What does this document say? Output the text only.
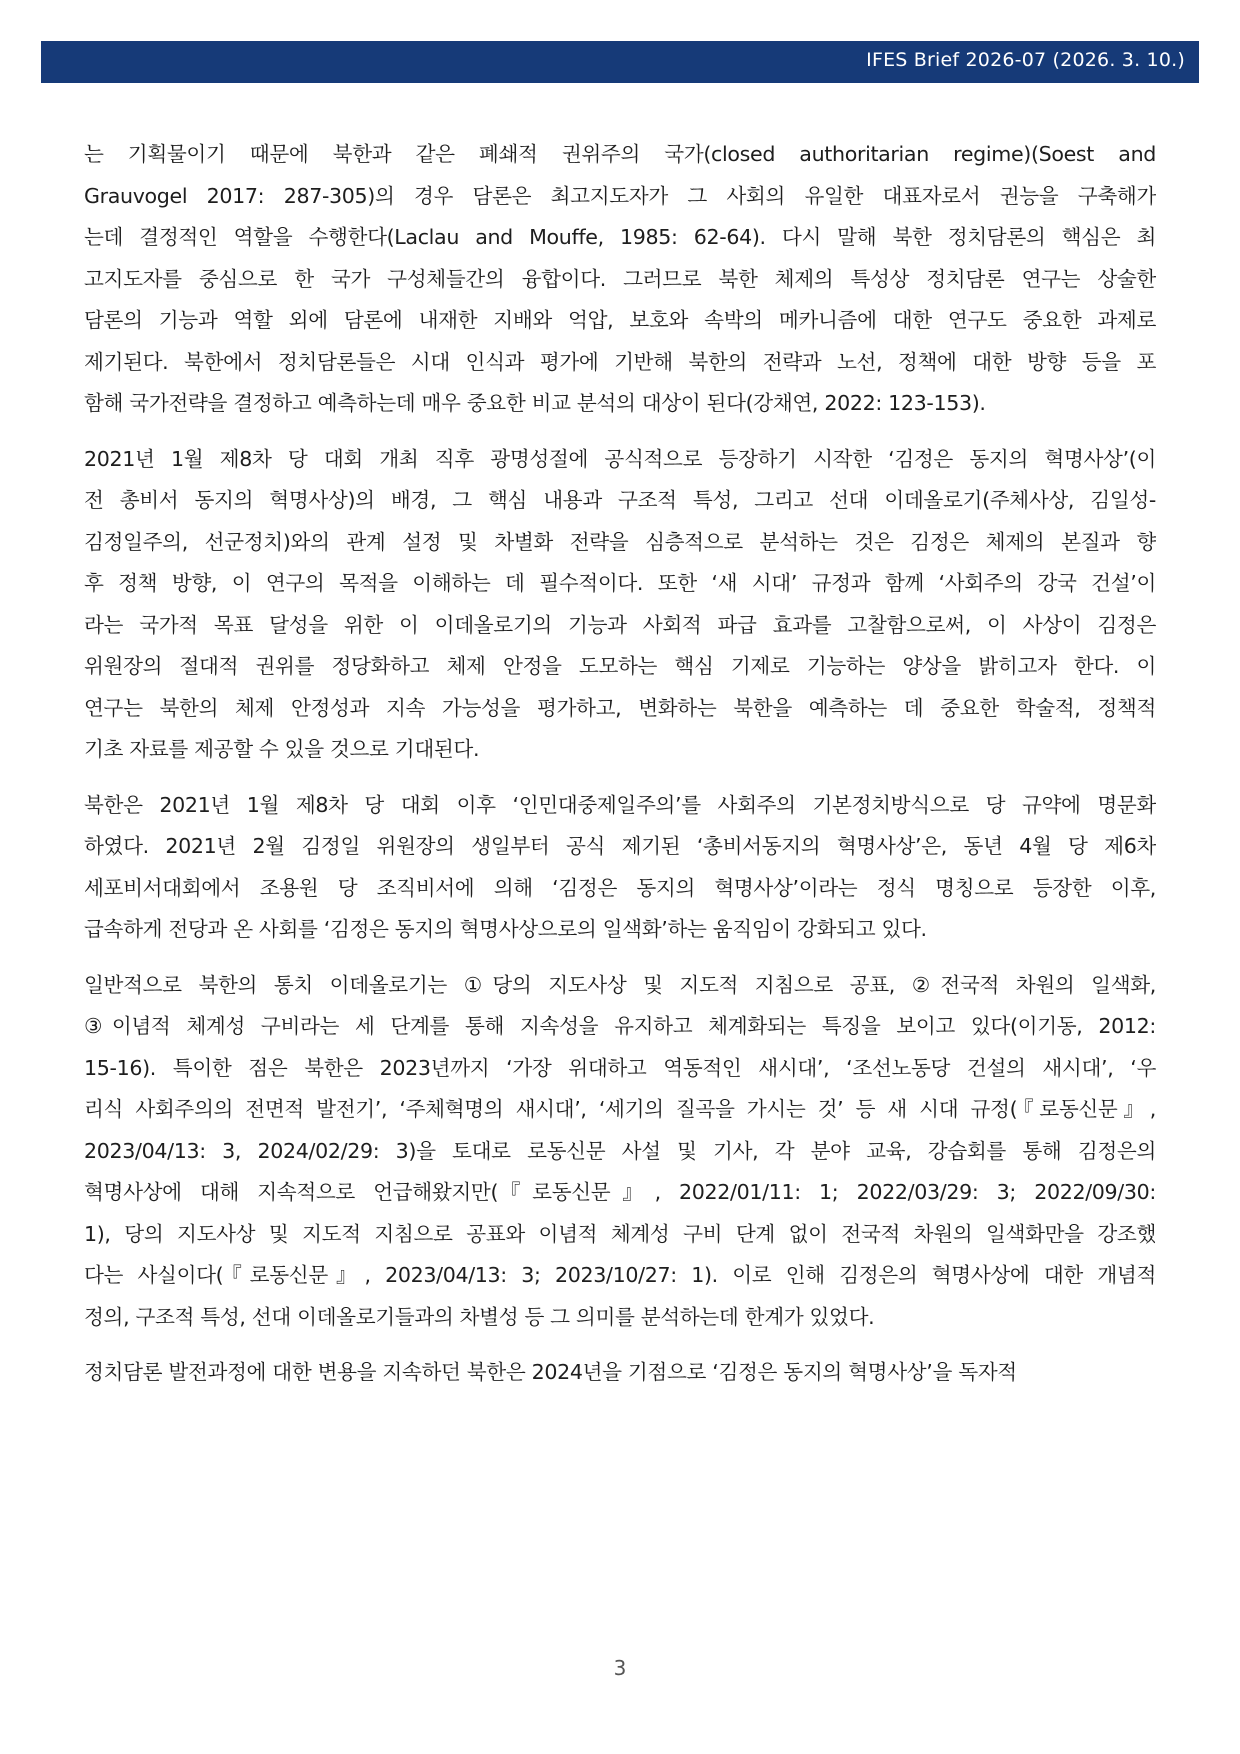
IFES Brief 2026-07 (2026. 3. 10.)
는 기획물이기 때문에 북한과 같은 폐쇄적 권위주의 국가(closed authoritarian regime)(Soest and
Grauvogel 2017: 287-305)의 경우 담론은 최고지도자가 그 사회의 유일한 대표자로서 권능을 구축해가
는데 결정적인 역할을 수행한다(Laclau and Mouffe, 1985: 62-64). 다시 말해 북한 정치담론의 핵심은 최
고지도자를 중심으로 한 국가 구성체들간의 융합이다. 그러므로 북한 체제의 특성상 정치담론 연구는 상술한
담론의 기능과 역할 외에 담론에 내재한 지배와 억압, 보호와 속박의 메카니즘에 대한 연구도 중요한 과제로
제기된다. 북한에서 정치담론들은 시대 인식과 평가에 기반해 북한의 전략과 노선, 정책에 대한 방향 등을 포
함해 국가전략을 결정하고 예측하는데 매우 중요한 비교 분석의 대상이 된다(강채연, 2022: 123-153).
2021년 1월 제8차 당 대회 개최 직후 광명성절에 공식적으로 등장하기 시작한 ‘김정은 동지의 혁명사상’(이
전 총비서 동지의 혁명사상)의 배경, 그 핵심 내용과 구조적 특성, 그리고 선대 이데올로기(주체사상, 김일성-
김정일주의, 선군정치)와의 관계 설정 및 차별화 전략을 심층적으로 분석하는 것은 김정은 체제의 본질과 향
후 정책 방향, 이 연구의 목적을 이해하는 데 필수적이다. 또한 ‘새 시대’ 규정과 함께 ‘사회주의 강국 건설’이
라는 국가적 목표 달성을 위한 이 이데올로기의 기능과 사회적 파급 효과를 고찰함으로써, 이 사상이 김정은
위원장의 절대적 권위를 정당화하고 체제 안정을 도모하는 핵심 기제로 기능하는 양상을 밝히고자 한다. 이
연구는 북한의 체제 안정성과 지속 가능성을 평가하고, 변화하는 북한을 예측하는 데 중요한 학술적, 정책적
기초 자료를 제공할 수 있을 것으로 기대된다.
북한은 2021년 1월 제8차 당 대회 이후 ‘인민대중제일주의’를 사회주의 기본정치방식으로 당 규약에 명문화
하였다. 2021년 2월 김정일 위원장의 생일부터 공식 제기된 ‘총비서동지의 혁명사상’은, 동년 4월 당 제6차
세포비서대회에서 조용원 당 조직비서에 의해 ‘김정은 동지의 혁명사상’이라는 정식 명칭으로 등장한 이후,
급속하게 전당과 온 사회를 ‘김정은 동지의 혁명사상으로의 일색화’하는 움직임이 강화되고 있다.
일반적으로 북한의 통치 이데올로기는 ①당의 지도사상 및 지도적 지침으로 공표, ②전국적 차원의 일색화,
③이념적 체계성 구비라는 세 단계를 통해 지속성을 유지하고 체계화되는 특징을 보이고 있다(이기동, 2012:
15-16). 특이한 점은 북한은 2023년까지 ‘가장 위대하고 역동적인 새시대’, ‘조선노동당 건설의 새시대’, ‘우
리식 사회주의의 전면적 발전기’, ‘주체혁명의 새시대’, ‘세기의 질곡을 가시는 것’ 등 새 시대 규정(『로동신문』,
2023/04/13: 3, 2024/02/29: 3)을 토대로 로동신문 사설 및 기사, 각 분야 교육, 강습회를 통해 김정은의
혁명사상에 대해 지속적으로 언급해왔지만(『로동신문』, 2022/01/11: 1; 2022/03/29: 3; 2022/09/30:
1), 당의 지도사상 및 지도적 지침으로 공표와 이념적 체계성 구비 단계 없이 전국적 차원의 일색화만을 강조했
다는 사실이다(『로동신문』, 2023/04/13: 3; 2023/10/27: 1). 이로 인해 김정은의 혁명사상에 대한 개념적
정의, 구조적 특성, 선대 이데올로기들과의 차별성 등 그 의미를 분석하는데 한계가 있었다.
정치담론 발전과정에 대한 변용을 지속하던 북한은 2024년을 기점으로 ‘김정은 동지의 혁명사상’을 독자적
3
